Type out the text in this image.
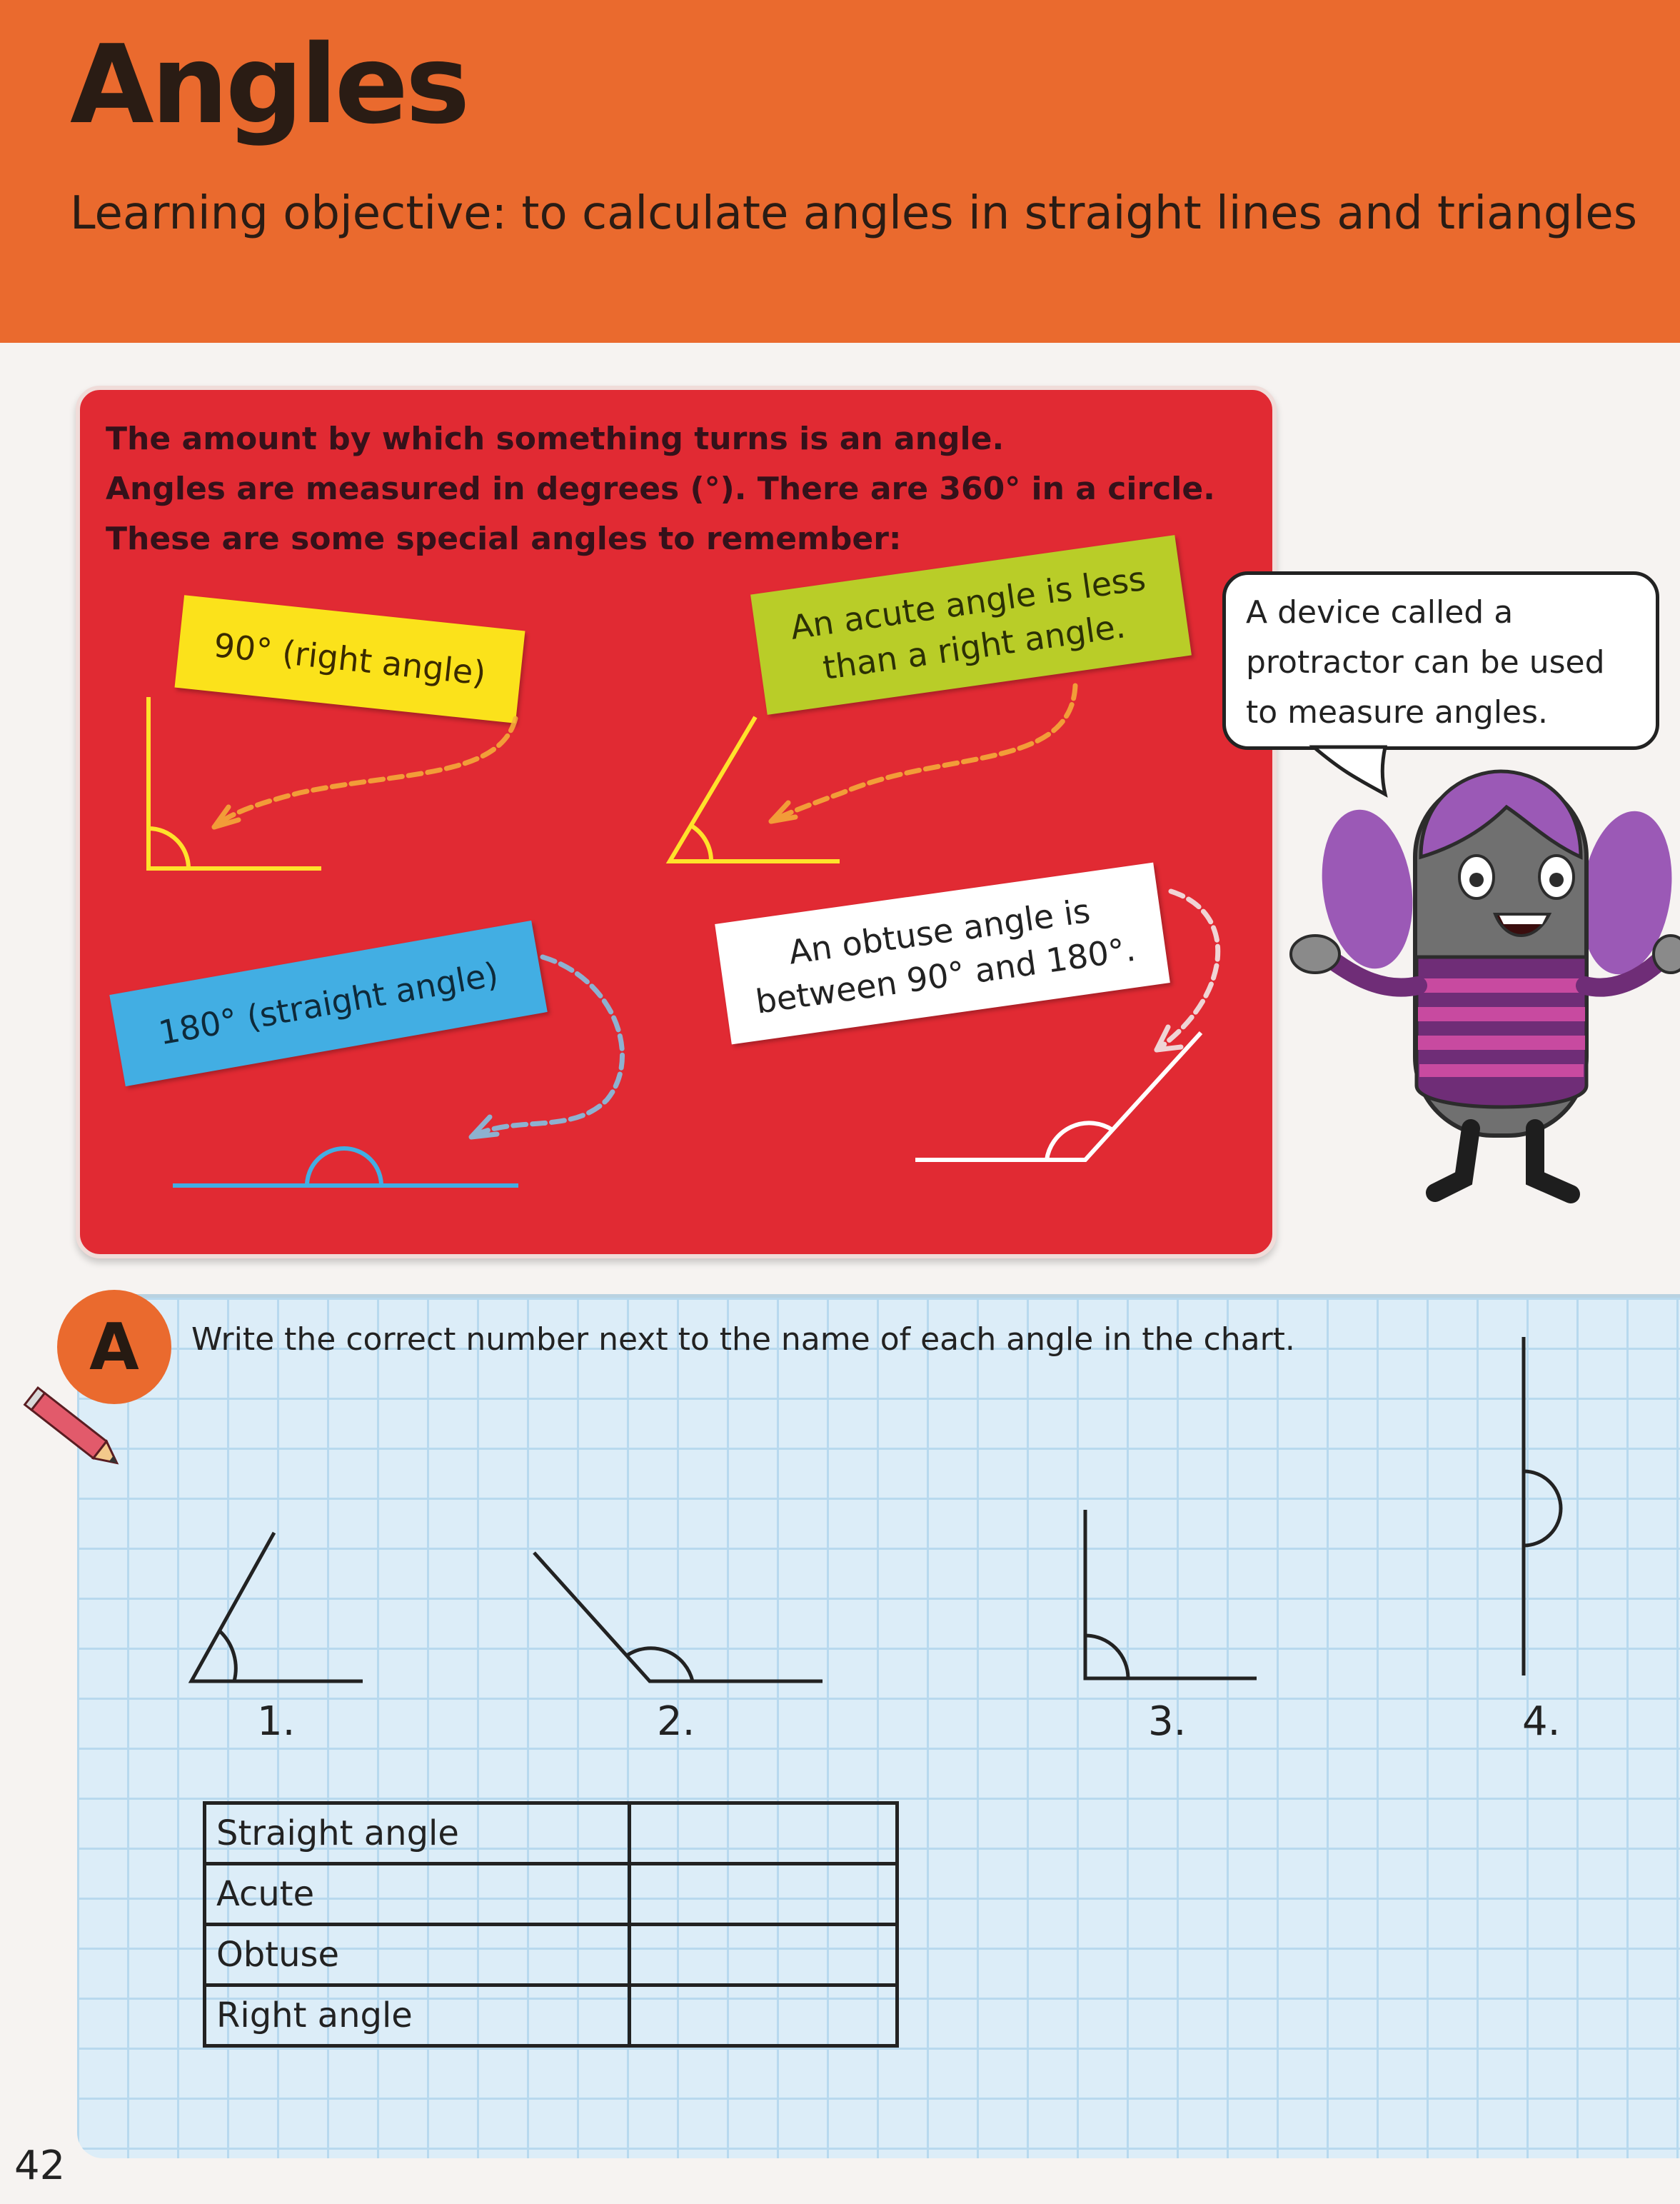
Angles

Learning objective: to calculate angles in straight lines and triangles

The amount by which something turns is an angle.
Angles are measured in degrees (°). There are 360° in a circle.
These are some special angles to remember:

90° (right angle)
An acute angle is less than a right angle.
180° (straight angle)
An obtuse angle is between 90° and 180°.
A device called a
protractor can be used
to measure angles.
A	Write the correct number next to the name of each angle in the chart.

1.	2.	3.	4.
Straight angle	
Acute	
Obtuse	
Right angle	

42
